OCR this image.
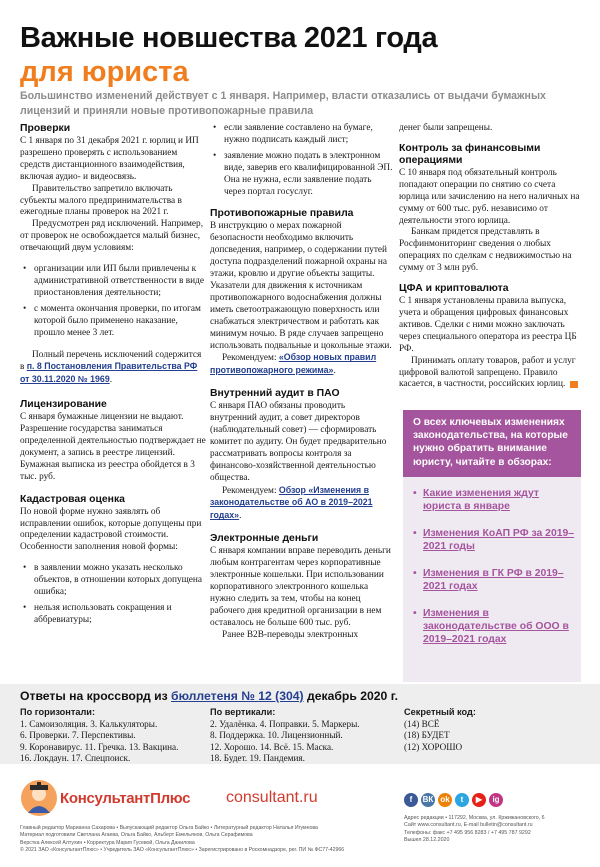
Важные новшества 2021 года
для юриста
Большинство изменений действует с 1 января. Например, власти отказались от выдачи бумажных лицензий и приняли новые противопожарные правила
Проверки
С 1 января по 31 декабря 2021 г. юрлиц и ИП разрешено проверять с использованием средств дистанционного взаимодействия, включая аудио- и видеосвязь.
Правительство запретило включать субъекты малого предпринимательства в ежегодные планы проверок на 2021 г.
Предусмотрен ряд исключений. Например, от проверок не освобождается малый бизнес, отвечающий двум условиям:
• организации или ИП были привлечены к административной ответственности в виде приостановления деятельности;
• с момента окончания проверки, по итогам которой было применено наказание, прошло менее 3 лет.
Полный перечень исключений содержится в п. 8 Постановления Правительства РФ от 30.11.2020 № 1969.
Лицензирование
С января бумажные лицензии не выдают. Разрешение государства заниматься определенной деятельностью подтверждает не документ, а запись в реестре лицензий. Бумажная выписка из реестра обойдется в 3 тыс. руб.
Кадастровая оценка
По новой форме нужно заявлять об исправлении ошибок, которые допущены при определении кадастровой стоимости. Особенности заполнения новой формы:
• в заявлении можно указать несколько объектов, в отношении которых допущена ошибка;
• нельзя использовать сокращения и аббревиатуры;
• если заявление составлено на бумаге, нужно подписать каждый лист;
• заявление можно подать в электронном виде, заверив его квалифицированной ЭП. Она не нужна, если заявление подать через портал госуслуг.
Противопожарные правила
В инструкцию о мерах пожарной безопасности необходимо включить допсведения, например, о содержании путей доступа подразделений пожарной охраны на этажи, кровлю и другие объекты защиты. Указатели для движения к источникам противопожарного водоснабжения должны иметь светоотражающую поверхность или снабжаться электричеством и работать как минимум ночью. В ряде случаев запрещено использовать подвальные и цокольные этажи.
Рекомендуем: «Обзор новых правил противопожарного режима».
Внутренний аудит в ПАО
С января ПАО обязаны проводить внутренний аудит, а совет директоров (наблюдательный совет) — сформировать комитет по аудиту. Он будет предварительно рассматривать вопросы контроля за финансово-хозяйственной деятельностью общества.
Рекомендуем: Обзор «Изменения в законодательстве об АО в 2019–2021 годах».
Электронные деньги
С января компании вправе переводить деньги любым контрагентам через корпоративные электронные кошельки. При использовании корпоративного электронного кошелька нужно следить за тем, чтобы на конец рабочего дня кредитной организации в нем оставалось не больше 600 тыс. руб.
Ранее B2B-переводы электронных
денег были запрещены.
Контроль за финансовыми операциями
С 10 января под обязательный контроль попадают операции по снятию со счета юрлица или зачислению на него наличных на сумму от 600 тыс. руб. независимо от деятельности этого юрлица.
Банкам придется представлять в Росфинмониторинг сведения о любых операциях по сделкам с недвижимостью на сумму от 3 млн руб.
ЦФА и криптовалюта
С 1 января установлены правила выпуска, учета и обращения цифровых финансовых активов. Сделки с ними можно заключать через специального оператора из реестра ЦБ РФ.
Принимать оплату товаров, работ и услуг цифровой валютой запрещено. Правило касается, в частности, российских юрлиц.
О всех ключевых изменениях законодательства, на которые нужно обратить внимание юристу, читайте в обзорах:
• Какие изменения ждут юриста в январе
• Изменения КоАП РФ за 2019–2021 годы
• Изменения в ГК РФ в 2019–2021 годах
• Изменения в законодательстве об ООО в 2019–2021 годах
Ответы на кроссворд из бюллетеня № 12 (304) декабрь 2020 г.
По горизонтали:
1. Самоизоляция. 3. Калькуляторы.
6. Проверки. 7. Перспективы.
9. Коронавирус. 11. Гречка. 13. Вакцина.
16. Локдаун. 17. Спецпоиск.
По вертикали:
2. Удалёнка. 4. Поправки. 5. Маркеры.
8. Поддержка. 10. Лицензионный.
12. Хорошо. 14. Всё. 15. Маска.
18. Будет. 19. Пандемия.
Секретный код:
(14) ВСЁ
(18) БУДЕТ
(12) ХОРОШО
КонсультантПлюс consultant.ru	f	ВК ok	t	▶	ig
Главный редактор Марианна Сахарова • Выпускающий редактор Ольга Байко • Литературный редактор Наталья Игумнова
Материал подготовили Светлана Агаева, Ольга Байко, Альберт Емельянов, Ольга Серафимова
Верстка Алексей Алтухин • Корректура Мария Гусевой, Ольга Данилова
© 2021 ЗАО «КонсультантПлюс» • Учредитель ЗАО «КонсультантПлюс» • Зарегистрировано в Роскомнадзоре, рег. ПИ № ФС77-42966
Адрес редакции • 117292, Москва, ул. Кржижановского, 6
Сайт www.consultant.ru, E-mail bulletin@consultant.ru
Телефоны: факс +7 495 956 8283 / +7 495 787 9292
Вышел 28.12.2020
